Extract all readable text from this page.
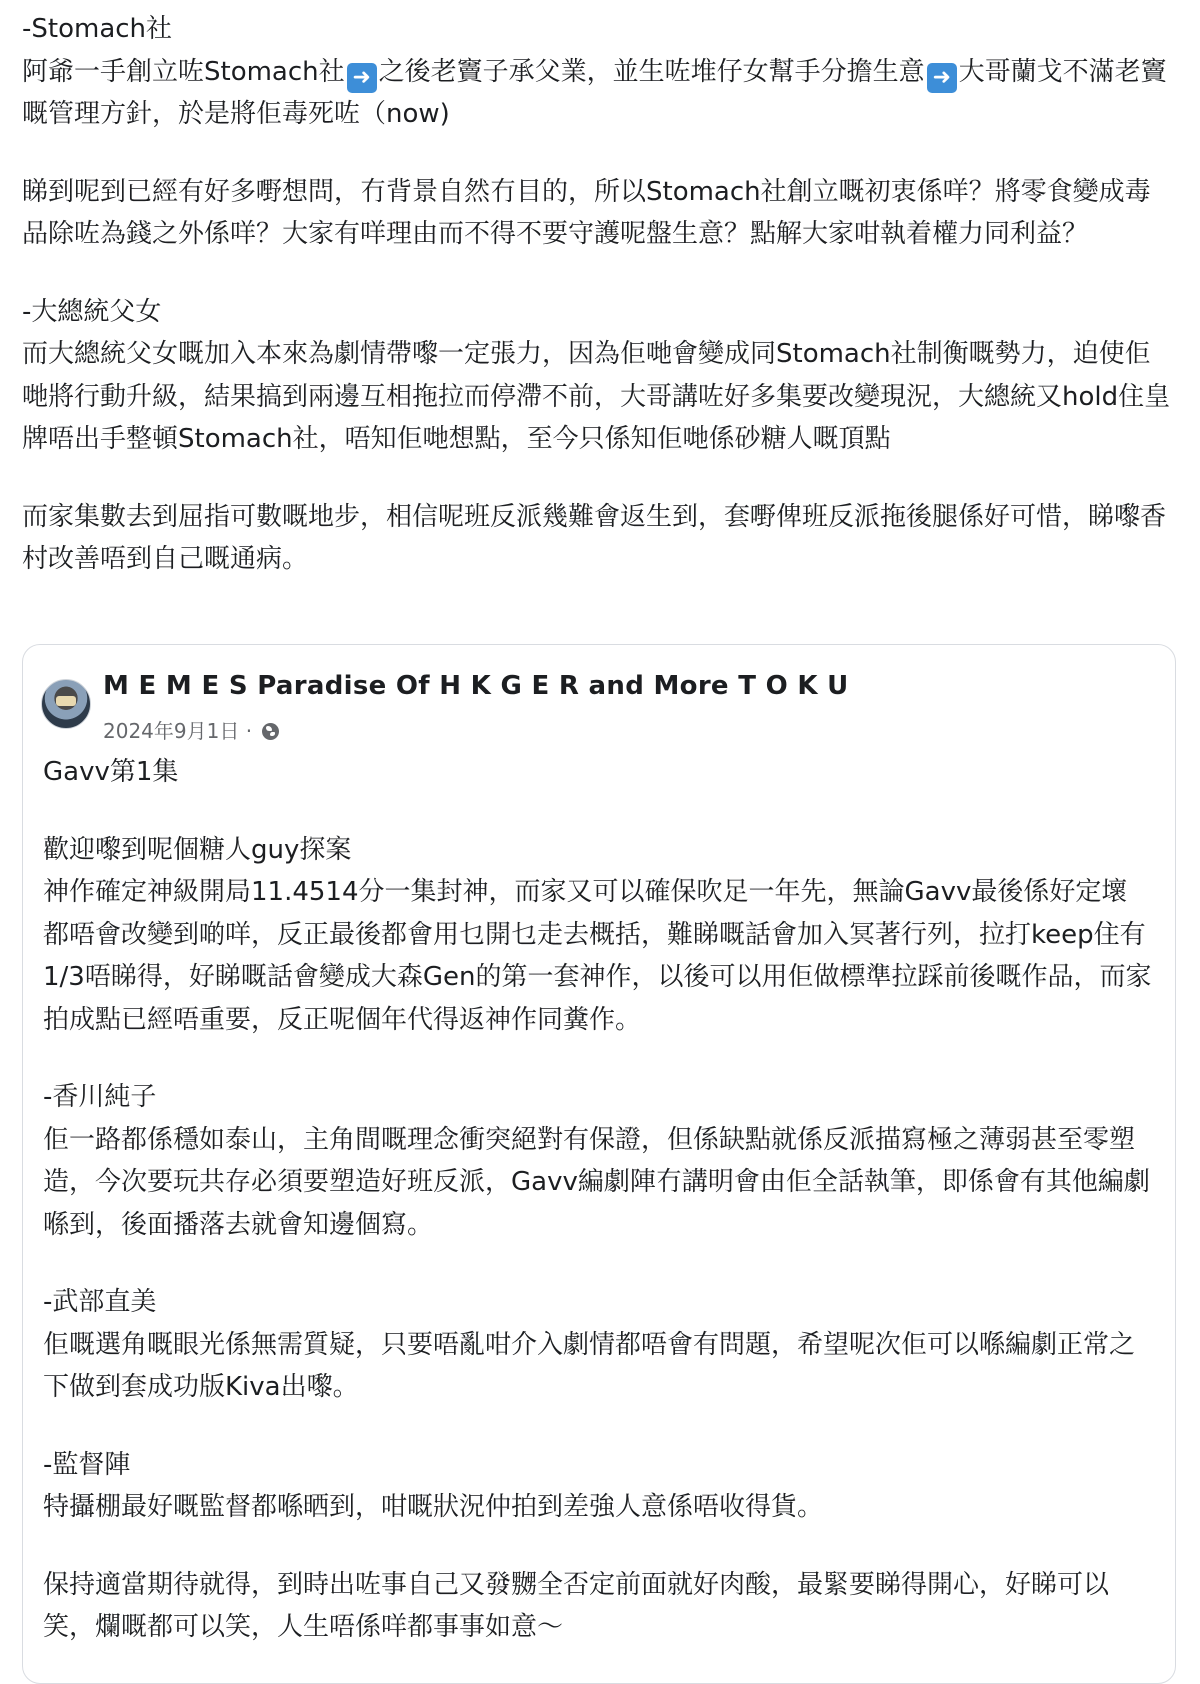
-Stomach社
阿爺一手創立咗Stomach社 ➜ 之後老竇子承父業，並生咗堆仔女幫手分擔生意 ➜ 大哥蘭戈不滿老竇嘅管理方針，於是將佢毒死咗（now)

睇到呢到已經有好多嘢想問，冇背景自然冇目的，所以Stomach社創立嘅初衷係咩？將零食變成毒品除咗為錢之外係咩？大家有咩理由而不得不要守護呢盤生意？點解大家咁執着權力同利益？

-大總統父女
而大總統父女嘅加入本來為劇情帶嚟一定張力，因為佢哋會變成同Stomach社制衡嘅勢力，迫使佢哋將行動升級，結果搞到兩邊互相拖拉而停滯不前，大哥講咗好多集要改變現況，大總統又hold住皇牌唔出手整頓Stomach社，唔知佢哋想點，至今只係知佢哋係砂糖人嘅頂點

而家集數去到屈指可數嘅地步，相信呢班反派幾難會返生到，套嘢俾班反派拖後腿係好可惜，睇嚟香村改善唔到自己嘅通病。

M E M E S Paradise Of H K G E R and More T O K U
2024年9月1日 ·

Gavv第1集

歡迎嚟到呢個糖人guy探案
神作確定神級開局11.4514分一集封神，而家又可以確保吹足一年先，無論Gavv最後係好定壞都唔會改變到啲咩，反正最後都會用乜開乜走去概括，難睇嘅話會加入冥著行列，拉打keep住有1/3唔睇得，好睇嘅話會變成大森Gen的第一套神作，以後可以用佢做標準拉踩前後嘅作品，而家拍成點已經唔重要，反正呢個年代得返神作同糞作。

-香川純子
佢一路都係穩如泰山，主角間嘅理念衝突絕對有保證，但係缺點就係反派描寫極之薄弱甚至零塑造，今次要玩共存必須要塑造好班反派，Gavv編劇陣冇講明會由佢全話執筆，即係會有其他編劇喺到，後面播落去就會知邊個寫。

-武部直美
佢嘅選角嘅眼光係無需質疑，只要唔亂咁介入劇情都唔會有問題，希望呢次佢可以喺編劇正常之下做到套成功版Kiva出嚟。

-監督陣
特攝棚最好嘅監督都喺晒到，咁嘅狀況仲拍到差強人意係唔收得貨。

保持適當期待就得，到時出咗事自己又發嬲全否定前面就好肉酸，最緊要睇得開心，好睇可以笑，爛嘅都可以笑，人生唔係咩都事事如意～
